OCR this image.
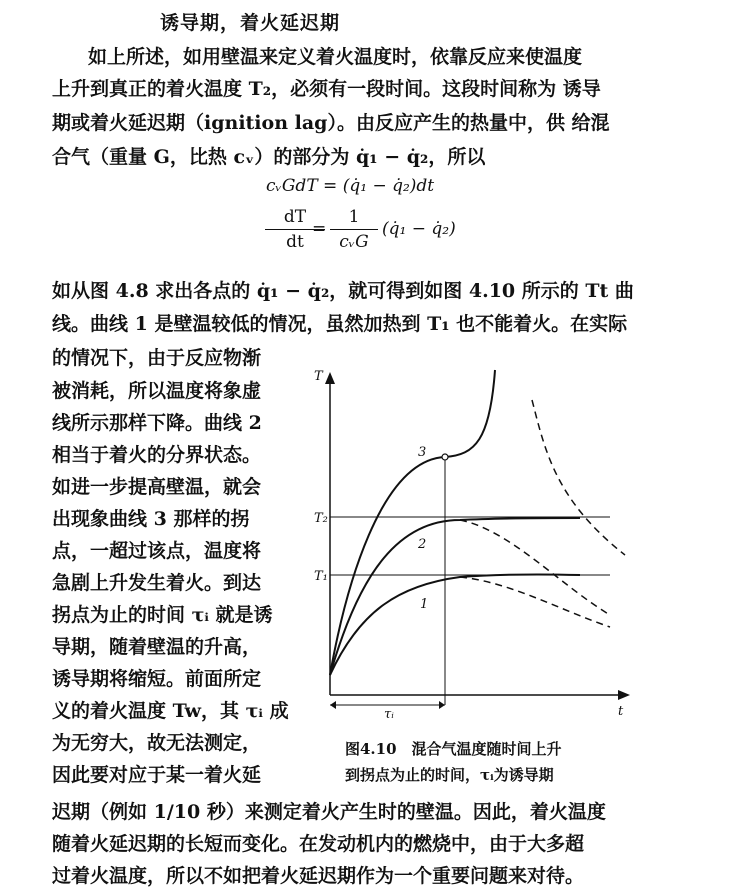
诱导期，着火延迟期
如上所述，如用壁温来定义着火温度时，依靠反应来使温度
上升到真正的着火温度 T₂，必须有一段时间。这段时间称为 诱导
期或着火延迟期（ignition lag）。由反应产生的热量中，供 给混
合气（重量 G，比热 cᵥ）的部分为 q̇₁ − q̇₂，所以
cᵥGdT = (q̇₁ − q̇₂)dt
$\frac{dT}{dt}$
=
1
cᵥG
(q̇₁ − q̇₂)
如从图 4.8 求出各点的 q̇₁ − q̇₂，就可得到如图 4.10 所示的 Tt 曲
线。曲线 1 是壁温较低的情况，虽然加热到 T₁ 也不能着火。在实际
的情况下，由于反应物渐
被消耗，所以温度将象虚
线所示那样下降。曲线 2
相当于着火的分界状态。
如进一步提高壁温，就会
出现象曲线 3 那样的拐
点，一超过该点，温度将
急剧上升发生着火。到达
拐点为止的时间 τᵢ 就是诱
导期，随着壁温的升高，
诱导期将缩短。前面所定
义的着火温度 Tw，其 τᵢ 成
为无穷大，故无法测定，
因此要对应于某一着火延
T
t
T₂
T₁
3
2
1
τᵢ
图4.10　混合气温度随时间上升
到拐点为止的时间，τᵢ为诱导期
迟期（例如 1/10 秒）来测定着火产生时的壁温。因此，着火温度
随着火延迟期的长短而变化。在发动机内的燃烧中，由于大多超
过着火温度，所以不如把着火延迟期作为一个重要问题来对待。
